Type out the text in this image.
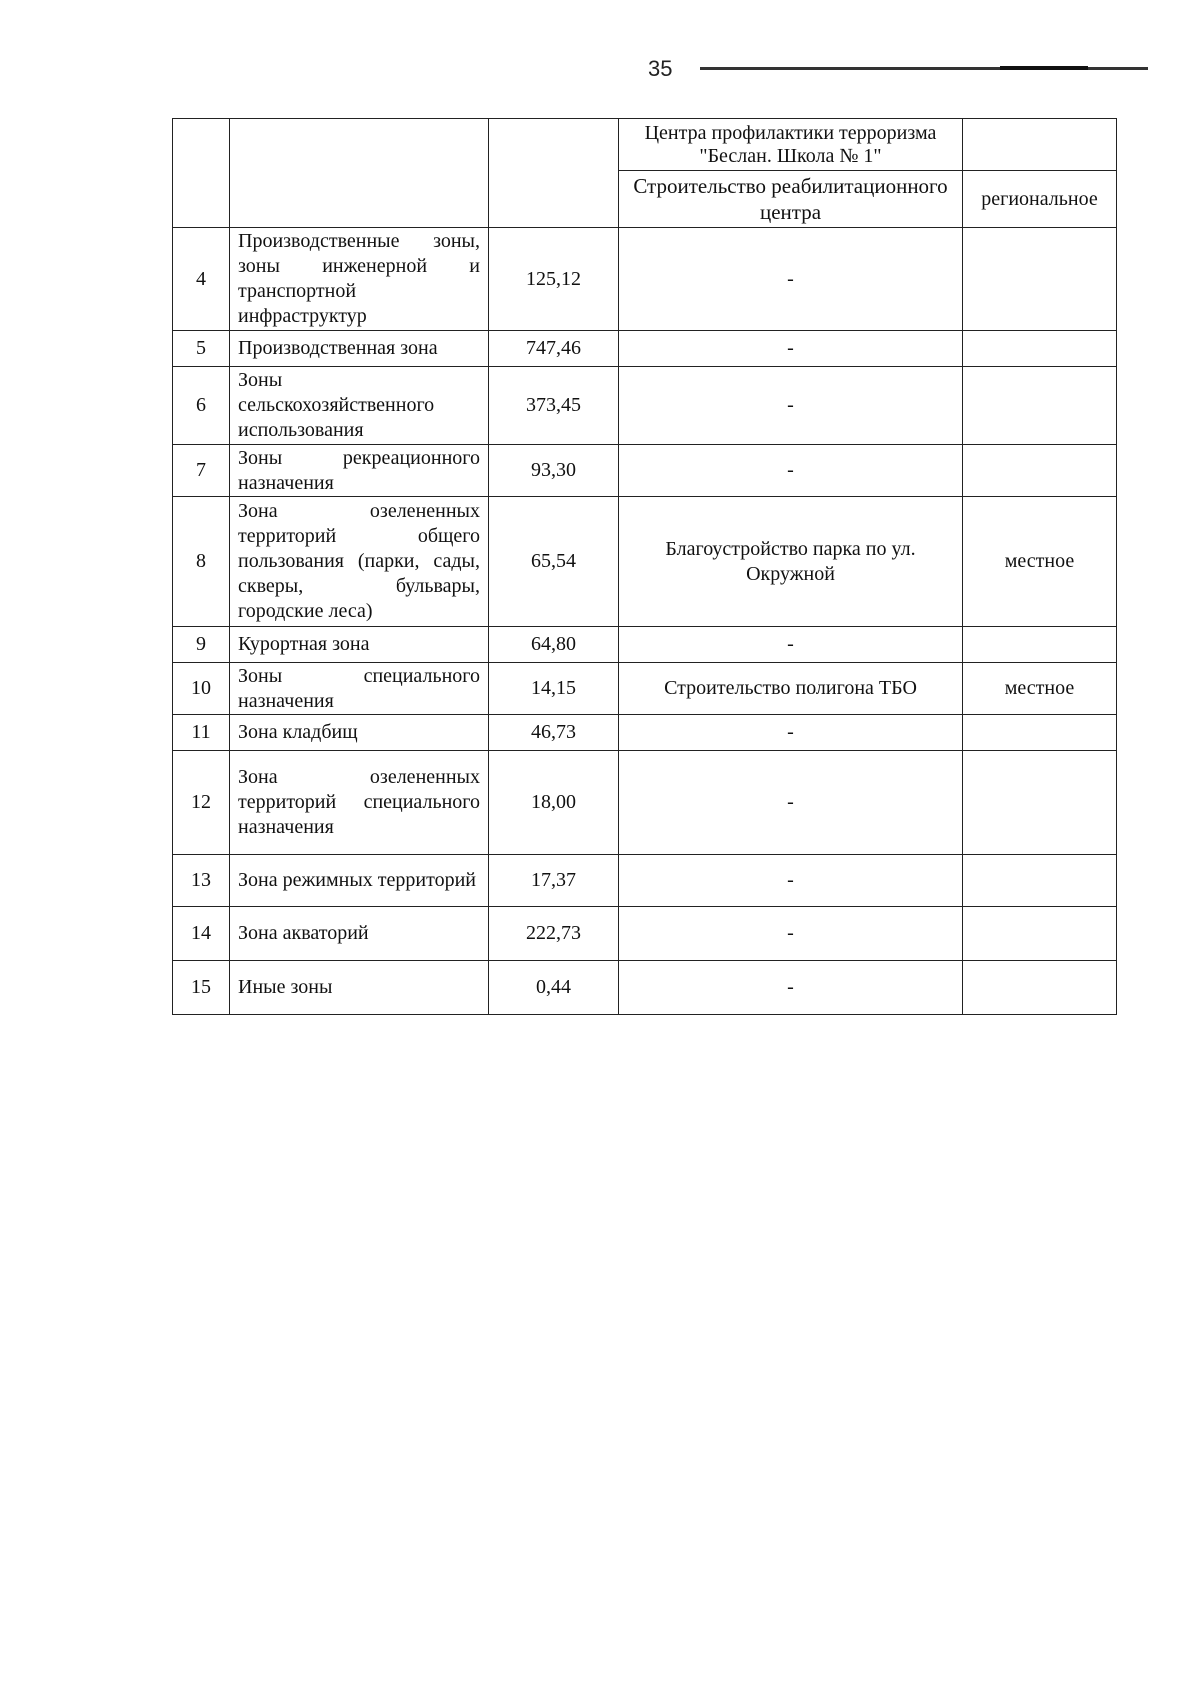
35
			Центра профилактики терроризма "Беслан. Школа № 1"	
			Строительство реабилитационного центра	региональное
4	Производственные зоны, зоны инженерной и транспортной инфраструктур	125,12	-	
5	Производственная зона	747,46	-	
6	Зоны сельскохозяйственного использования	373,45	-	
7	Зоны рекреационного назначения	93,30	-	
8	Зона озелененных территорий общего пользования (парки, сады, скверы, бульвары, городские леса)	65,54	Благоустройство парка по ул. Окружной	местное
9	Курортная зона	64,80	-	
10	Зоны специального назначения	14,15	Строительство полигона ТБО	местное
11	Зона кладбищ	46,73	-	
12	Зона озелененных территорий специального назначения	18,00	-	
13	Зона режимных территорий	17,37	-	
14	Зона акваторий	222,73	-	
15	Иные зоны	0,44	-	
